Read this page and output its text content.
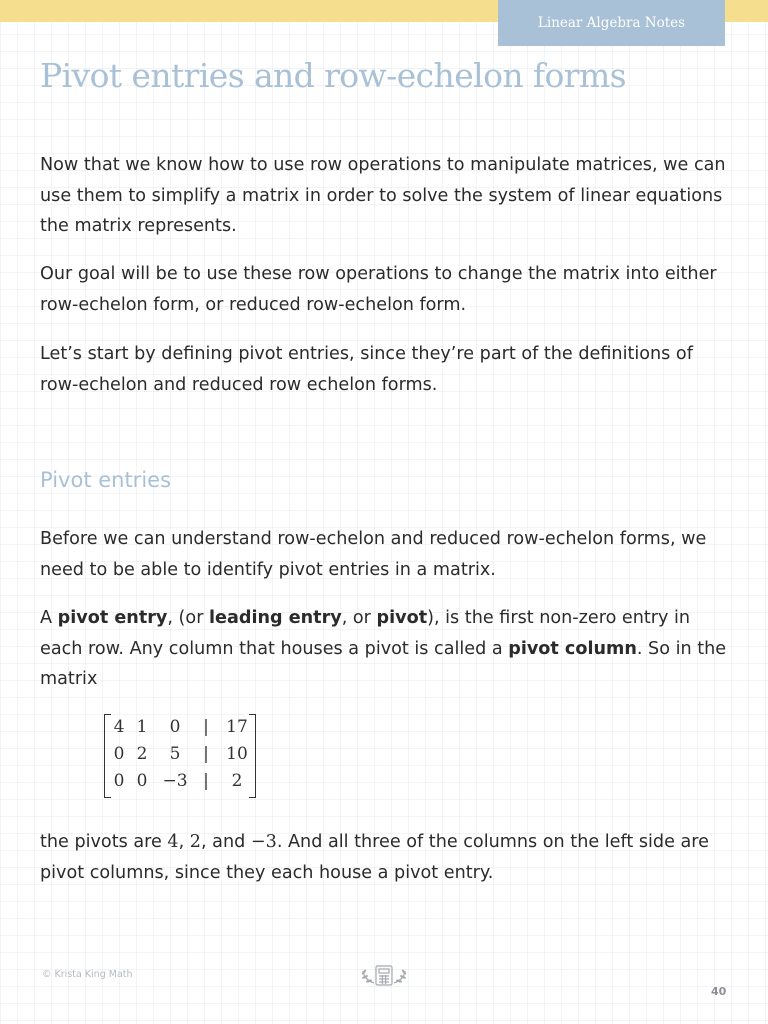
Linear Algebra Notes
Pivot entries and row-echelon forms

Now that we know how to use row operations to manipulate matrices, we can use them to simplify a matrix in order to solve the system of linear equations the matrix represents.

Our goal will be to use these row operations to change the matrix into either row-echelon form, or reduced row-echelon form.

Let’s start by defining pivot entries, since they’re part of the definitions of row-echelon and reduced row echelon forms.

Pivot entries

Before we can understand row-echelon and reduced row-echelon forms, we need to be able to identify pivot entries in a matrix.

A pivot entry, (or leading entry, or pivot), is the first non-zero entry in each row. Any column that houses a pivot is called a pivot column. So in the matrix

4 1	0	|	17
0 2	5	|	10
0 0 −3 |	2

the pivots are 4, 2, and −3. And all three of the columns on the left side are pivot columns, since they each house a pivot entry.

© Krista King Math
40
